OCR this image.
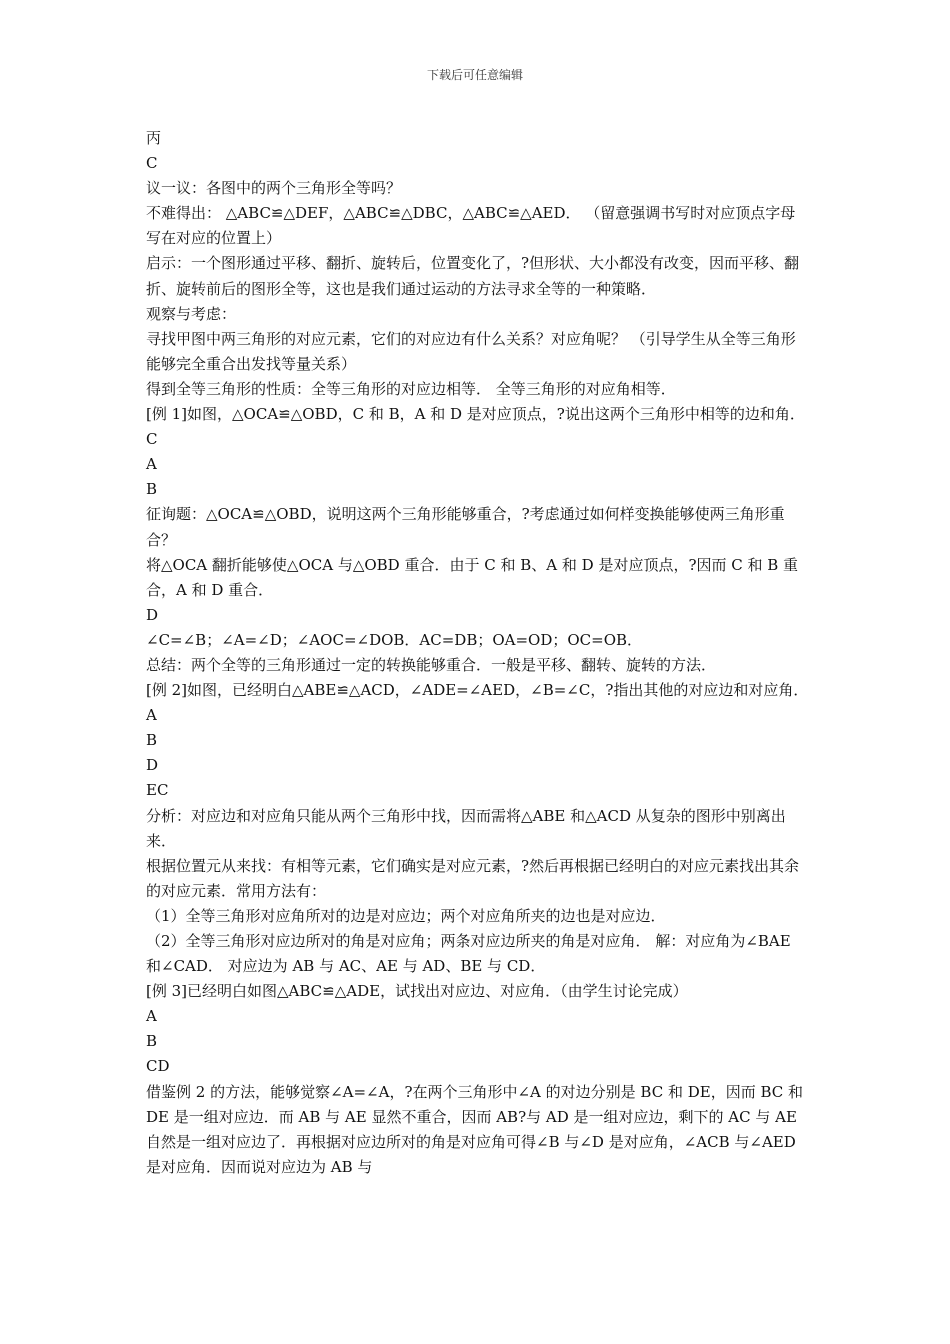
下载后可任意编辑

丙

C

议一议：各图中的两个三角形全等吗？

不难得出： △ABC≌△DEF，△ABC≌△DBC，△ABC≌△AED． （留意强调书写时对应顶点字母写在对应的位置上）

启示：一个图形通过平移、翻折、旋转后，位置变化了，?但形状、大小都没有改变，因而平移、翻折、旋转前后的图形全等，这也是我们通过运动的方法寻求全等的一种策略．

观察与考虑：

寻找甲图中两三角形的对应元素，它们的对应边有什么关系？对应角呢？ （引导学生从全等三角形能够完全重合出发找等量关系）

得到全等三角形的性质：全等三角形的对应边相等． 全等三角形的对应角相等．

[例 1]如图，△OCA≌△OBD，C 和 B，A 和 D 是对应顶点，?说出这两个三角形中相等的边和角．

C

A

B

征询题：△OCA≌△OBD，说明这两个三角形能够重合，?考虑通过如何样变换能够使两三角形重合？

将△OCA 翻折能够使△OCA 与△OBD 重合．由于 C 和 B、A 和 D 是对应顶点，?因而 C 和 B 重合，A 和 D 重合．

D

∠C=∠B；∠A=∠D；∠AOC=∠DOB．AC=DB；OA=OD；OC=OB．

总结：两个全等的三角形通过一定的转换能够重合．一般是平移、翻转、旋转的方法．

[例 2]如图，已经明白△ABE≌△ACD，∠ADE=∠AED，∠B=∠C，?指出其他的对应边和对应角．

A

B

D

EC

分析：对应边和对应角只能从两个三角形中找，因而需将△ABE 和△ACD 从复杂的图形中别离出来．

根据位置元从来找：有相等元素，它们确实是对应元素，?然后再根据已经明白的对应元素找出其余的对应元素．常用方法有：

（1）全等三角形对应角所对的边是对应边；两个对应角所夹的边也是对应边．

（2）全等三角形对应边所对的角是对应角；两条对应边所夹的角是对应角． 解：对应角为∠BAE 和∠CAD． 对应边为 AB 与 AC、AE 与 AD、BE 与 CD．

[例 3]已经明白如图△ABC≌△ADE，试找出对应边、对应角．（由学生讨论完成）

A

B

CD

借鉴例 2 的方法，能够觉察∠A=∠A，?在两个三角形中∠A 的对边分别是 BC 和 DE，因而 BC 和 DE 是一组对应边．而 AB 与 AE 显然不重合，因而 AB?与 AD 是一组对应边，剩下的 AC 与 AE 自然是一组对应边了．再根据对应边所对的角是对应角可得∠B 与∠D 是对应角，∠ACB 与∠AED 是对应角．因而说对应边为 AB 与
